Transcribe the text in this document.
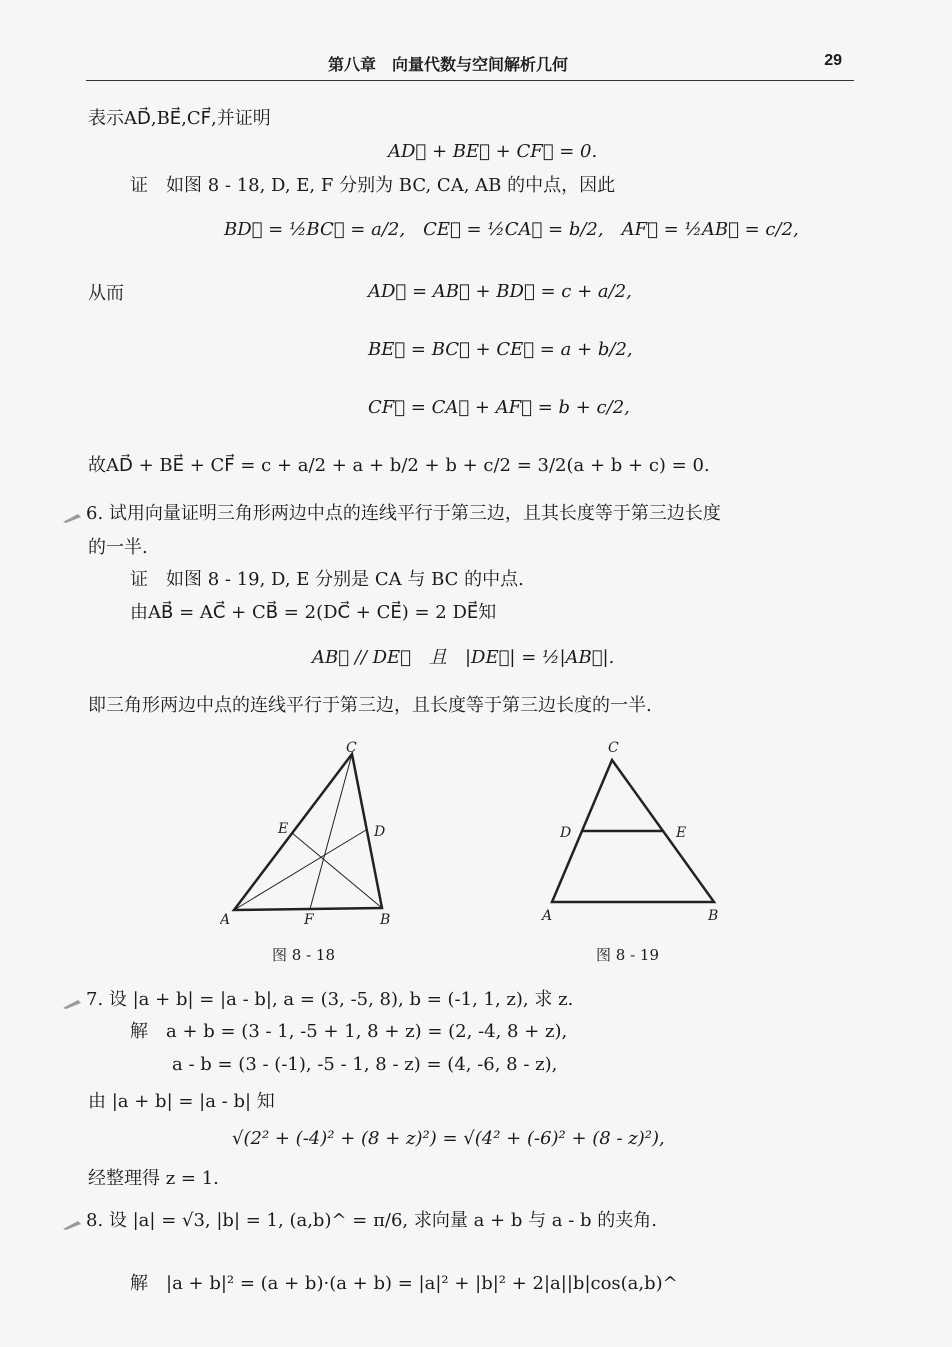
第八章　向量代数与空间解析几何	29
表示AD⃗,BE⃗,CF⃗,并证明
AD⃗ + BE⃗ + CF⃗ = 0.
证　如图 8 - 18, D, E, F 分别为 BC, CA, AB 的中点，因此
BD⃗ = ½BC⃗ = a/2,　CE⃗ = ½CA⃗ = b/2,　AF⃗ = ½AB⃗ = c/2,
从而	AD⃗ = AB⃗ + BD⃗ = c + a/2,
BE⃗ = BC⃗ + CE⃗ = a + b/2,
CF⃗ = CA⃗ + AF⃗ = b + c/2,
故AD⃗ + BE⃗ + CF⃗ = c + a/2 + a + b/2 + b + c/2 = 3/2(a + b + c) = 0.
6. 试用向量证明三角形两边中点的连线平行于第三边，且其长度等于第三边长度
的一半.
证　如图 8 - 19, D, E 分别是 CA 与 BC 的中点.
由AB⃗ = AC⃗ + CB⃗ = 2(DC⃗ + CE⃗) = 2 DE⃗知
AB⃗ // DE⃗　且　|DE⃗| = ½|AB⃗|.
即三角形两边中点的连线平行于第三边，且长度等于第三边长度的一半.
A	B
C
D
E
F
图 8 - 18
A	B
C
D	E
图 8 - 19
7. 设 |a + b| = |a - b|, a = (3, -5, 8), b = (-1, 1, z), 求 z.
解　a + b = (3 - 1, -5 + 1, 8 + z) = (2, -4, 8 + z),
a - b = (3 - (-1), -5 - 1, 8 - z) = (4, -6, 8 - z),
由 |a + b| = |a - b| 知
√(2² + (-4)² + (8 + z)²) = √(4² + (-6)² + (8 - z)²),
经整理得 z = 1.
8. 设 |a| = √3, |b| = 1, (a,b)^ = π/6, 求向量 a + b 与 a - b 的夹角.
解　|a + b|² = (a + b)·(a + b) = |a|² + |b|² + 2|a||b|cos(a,b)^
